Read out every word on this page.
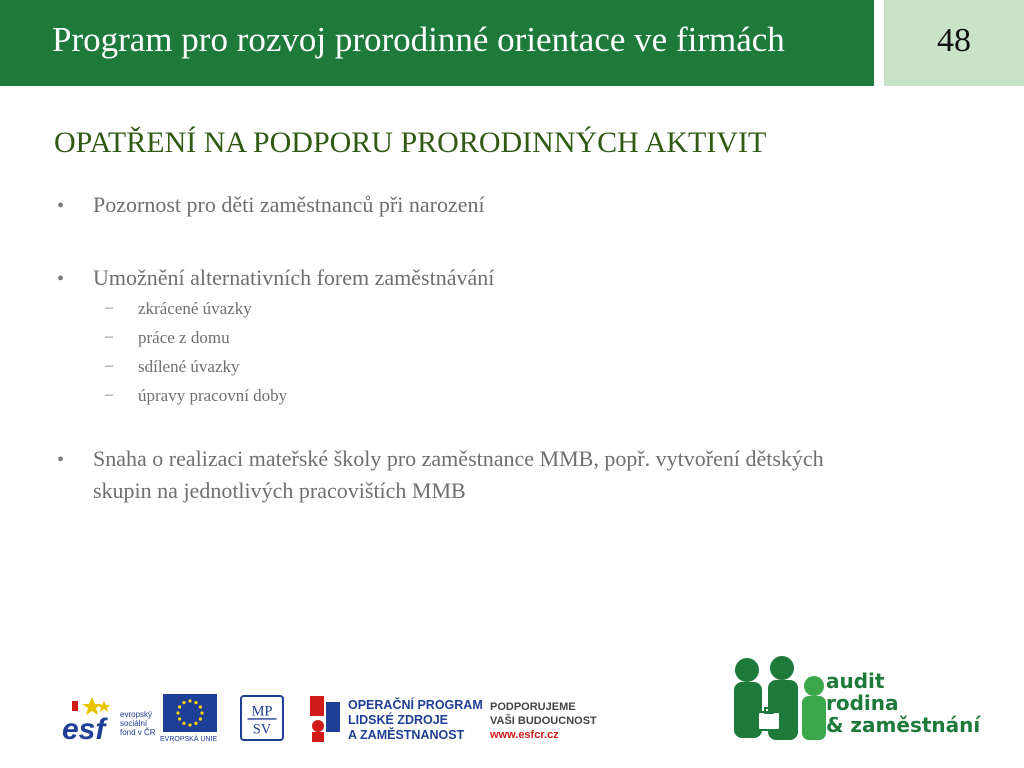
Program pro rozvoj prorodinné orientace ve firmách	48
OPATŘENÍ NA PODPORU PRORODINNÝCH AKTIVIT
• Pozornost pro děti zaměstnanců při narození
• Umožnění alternativních forem zaměstnávání
– zkrácené úvazky
– práce z domu
– sdílené úvazky
– úpravy pracovní doby
• Snaha o realizaci mateřské školy pro zaměstnance MMB, popř. vytvoření dětských
skupin na jednotlivých pracovištích MMB
esf	evropský
sociální
fond v ČR
EVROPSKÁ UNIE
MP
SV
OPERAČNÍ PROGRAM
LIDSKÉ ZDROJE
A ZAMĚSTNANOST
PODPORUJEME
VAŠI BUDOUCNOST
www.esfcr.cz
audit
rodina
& zaměstnání
